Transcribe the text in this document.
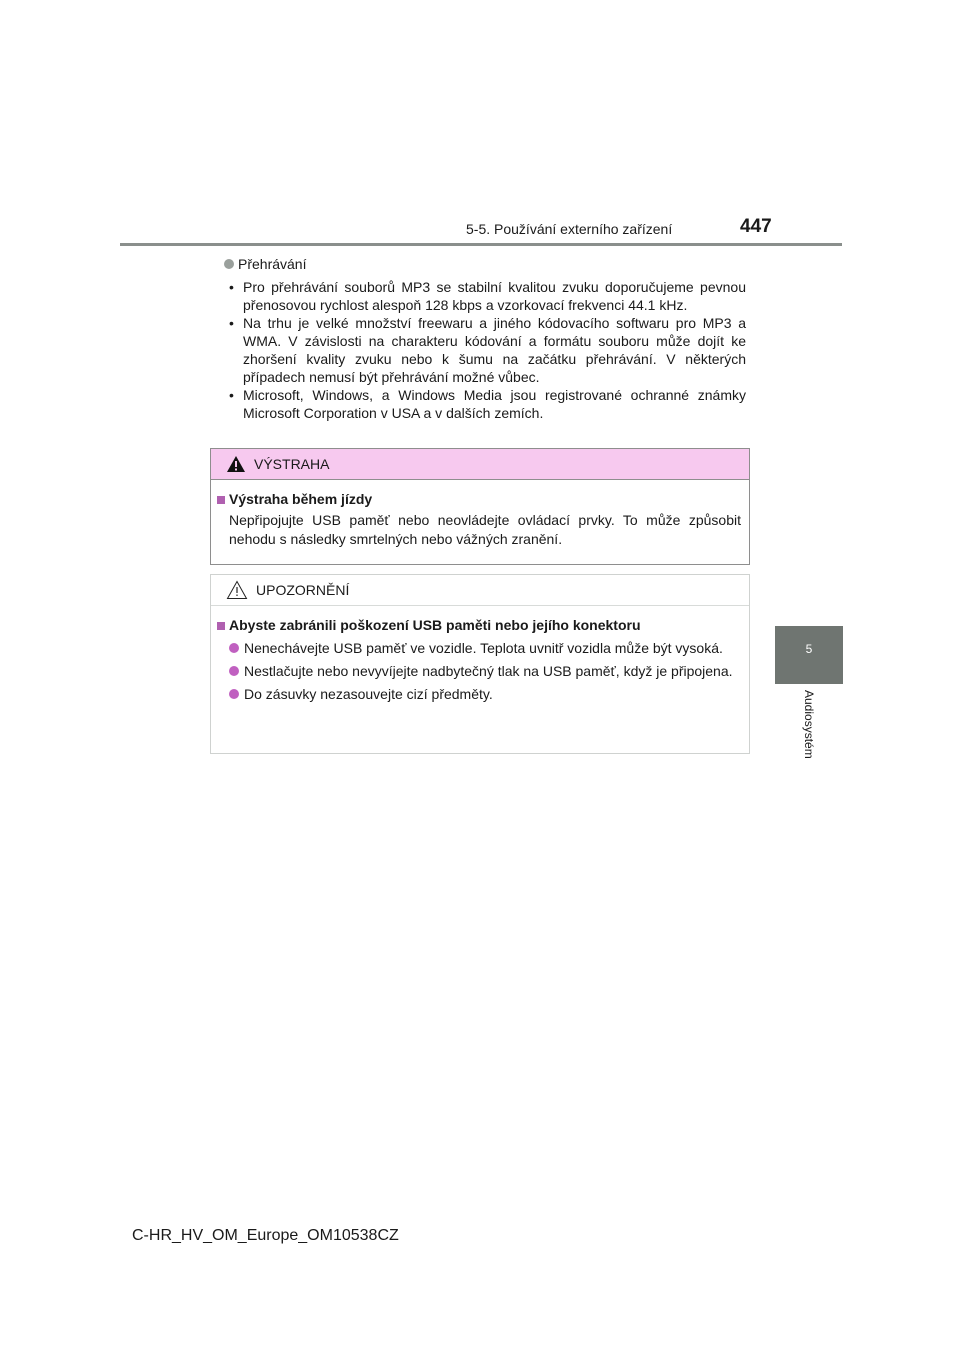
5-5. Používání externího zařízení	447
5
Audiosystém
Přehrávání
• Pro přehrávání souborů MP3 se stabilní kvalitou zvuku doporučujeme pevnou přenosovou rychlost alespoň 128 kbps a vzorkovací frekvenci 44.1 kHz.
• Na trhu je velké množství freewaru a jiného kódovacího softwaru pro MP3 a WMA. V závislosti na charakteru kódování a formátu souboru může dojít ke zhoršení kvality zvuku nebo k šumu na začátku přehrávání. V některých případech nemusí být přehrávání možné vůbec.
• Microsoft, Windows, a Windows Media jsou registrované ochranné známky Microsoft Corporation v USA a v dalších zemích.
VÝSTRAHA
Výstraha během jízdy
Nepřipojujte USB paměť nebo neovládejte ovládací prvky. To může způsobit nehodu s následky smrtelných nebo vážných zranění.
UPOZORNĚNÍ
Abyste zabránili poškození USB paměti nebo jejího konektoru
Nenechávejte USB paměť ve vozidle. Teplota uvnitř vozidla může být vysoká.
Nestlačujte nebo nevyvíjejte nadbytečný tlak na USB paměť, když je připojena.
Do zásuvky nezasouvejte cizí předměty.
C-HR_HV_OM_Europe_OM10538CZ
